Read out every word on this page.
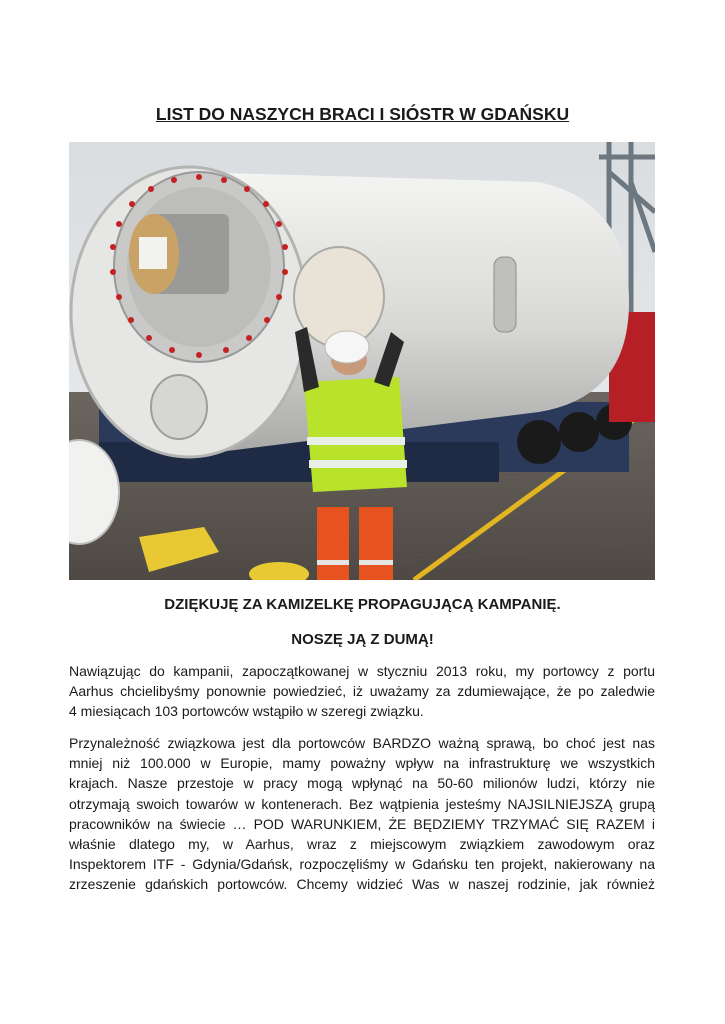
LIST DO NASZYCH BRACI I SIÓSTR W GDAŃSKU
DZIĘKUJĘ ZA KAMIZELKĘ PROPAGUJĄCĄ KAMPANIĘ.
NOSZĘ JĄ Z DUMĄ!
Nawiązując do kampanii, zapoczątkowanej w styczniu 2013 roku, my portowcy z portu
Aarhus chcielibyśmy ponownie powiedzieć, iż uważamy za zdumiewające, że po zaledwie
4 miesiącach 103 portowców wstąpiło w szeregi związku.
Przynależność związkowa jest dla portowców BARDZO ważną sprawą, bo choć jest nas
mniej niż 100.000 w Europie, mamy poważny wpływ na infrastrukturę we wszystkich
krajach. Nasze przestoje w pracy mogą wpłynąć na 50-60 milionów ludzi, którzy nie
otrzymają swoich towarów w kontenerach. Bez wątpienia jesteśmy NAJSILNIEJSZĄ grupą
pracowników na świecie … POD WARUNKIEM, ŻE BĘDZIEMY TRZYMAĆ SIĘ RAZEM i
właśnie dlatego my, w Aarhus, wraz z miejscowym związkiem zawodowym oraz
Inspektorem ITF - Gdynia/Gdańsk, rozpoczęliśmy w Gdańsku ten projekt, nakierowany na
zrzeszenie gdańskich portowców. Chcemy widzieć Was w naszej rodzinie, jak również
